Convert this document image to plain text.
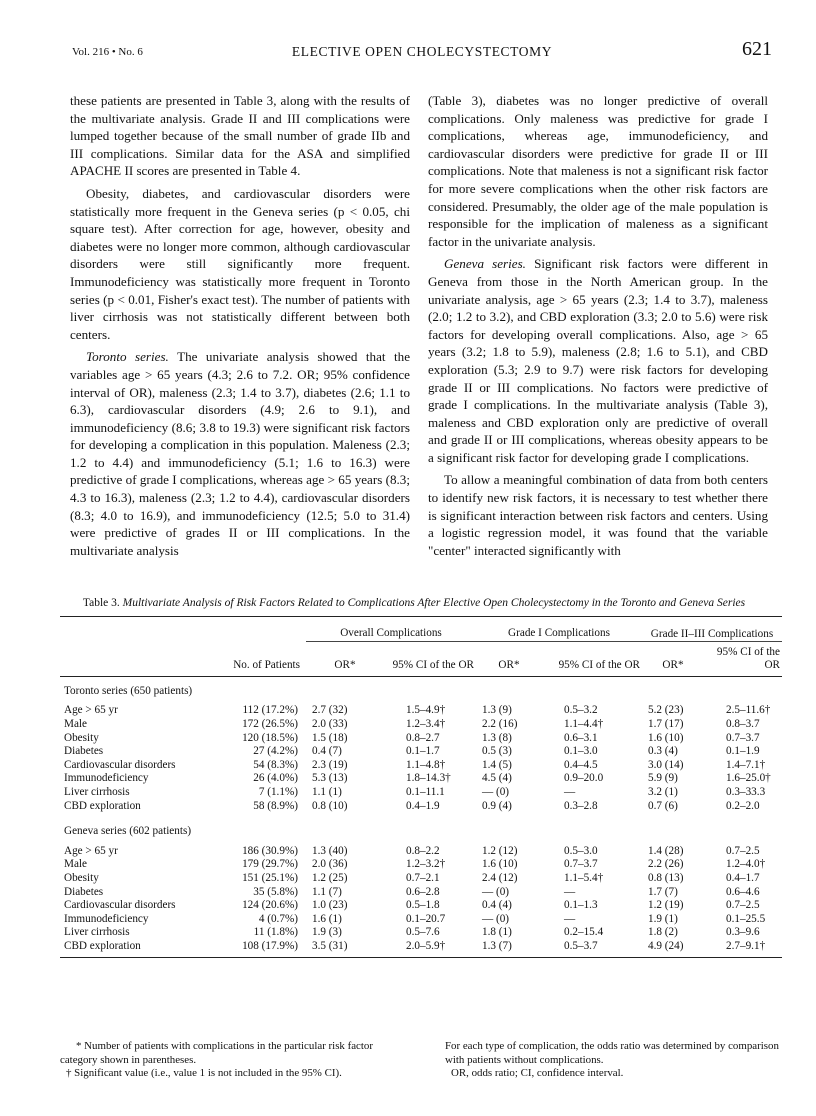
Vol. 216 • No. 6	ELECTIVE OPEN CHOLECYSTECTOMY	621

these patients are presented in Table 3, along with the results of the multivariate analysis. Grade II and III complications were lumped together because of the small number of grade IIb and III complications. Similar data for the ASA and simplified APACHE II scores are presented in Table 4.

Obesity, diabetes, and cardiovascular disorders were statistically more frequent in the Geneva series (p < 0.05, chi square test). After correction for age, however, obesity and diabetes were no longer more common, although cardiovascular disorders were still significantly more frequent. Immunodeficiency was statistically more frequent in Toronto series (p < 0.01, Fisher's exact test). The number of patients with liver cirrhosis was not statistically different between both centers.

Toronto series. The univariate analysis showed that the variables age > 65 years (4.3; 2.6 to 7.2. OR; 95% confidence interval of OR), maleness (2.3; 1.4 to 3.7), diabetes (2.6; 1.1 to 6.3), cardiovascular disorders (4.9; 2.6 to 9.1), and immunodeficiency (8.6; 3.8 to 19.3) were significant risk factors for developing a complication in this population. Maleness (2.3; 1.2 to 4.4) and immunodeficiency (5.1; 1.6 to 16.3) were predictive of grade I complications, whereas age > 65 years (8.3; 4.3 to 16.3), maleness (2.3; 1.2 to 4.4), cardiovascular disorders (8.3; 4.0 to 16.9), and immunodeficiency (12.5; 5.0 to 31.4) were predictive of grades II or III complications. In the multivariate analysis

(Table 3), diabetes was no longer predictive of overall complications. Only maleness was predictive for grade I complications, whereas age, immunodeficiency, and cardiovascular disorders were predictive for grade II or III complications. Note that maleness is not a significant risk factor for more severe complications when the other risk factors are considered. Presumably, the older age of the male population is responsible for the implication of maleness as a significant factor in the univariate analysis.

Geneva series. Significant risk factors were different in Geneva from those in the North American group. In the univariate analysis, age > 65 years (2.3; 1.4 to 3.7), maleness (2.0; 1.2 to 3.2), and CBD exploration (3.3; 2.0 to 5.6) were risk factors for developing overall complications. Also, age > 65 years (3.2; 1.8 to 5.9), maleness (2.8; 1.6 to 5.1), and CBD exploration (5.3; 2.9 to 9.7) were risk factors for developing grade II or III complications. No factors were predictive of grade I complications. In the multivariate analysis (Table 3), maleness and CBD exploration only are predictive of overall and grade II or III complications, whereas obesity appears to be a significant risk factor for developing grade I complications.

To allow a meaningful combination of data from both centers to identify new risk factors, it is necessary to test whether there is significant interaction between risk factors and centers. Using a logistic regression model, it was found that the variable "center" interacted significantly with

Table 3. Multivariate Analysis of Risk Factors Related to Complications After Elective Open Cholecystectomy in the Toronto and Geneva Series

		Overall Complications		Grade I Complications		Grade II–III Complications	
	No. of Patients	OR*	95% CI of the OR	OR*	95% CI of the OR	OR*	95% CI of the OR

Toronto series (650 patients)							
Age > 65 yr	112 (17.2%)	2.7 (32)	1.5–4.9†	1.3 (9)	0.5–3.2	5.2 (23)	2.5–11.6†
Male	172 (26.5%)	2.0 (33)	1.2–3.4†	2.2 (16)	1.1–4.4†	1.7 (17)	0.8–3.7
Obesity	120 (18.5%)	1.5 (18)	0.8–2.7	1.3 (8)	0.6–3.1	1.6 (10)	0.7–3.7
Diabetes	27 (4.2%)	0.4 (7)	0.1–1.7	0.5 (3)	0.1–3.0	0.3 (4)	0.1–1.9
Cardiovascular disorders	54 (8.3%)	2.3 (19)	1.1–4.8†	1.4 (5)	0.4–4.5	3.0 (14)	1.4–7.1†
Immunodeficiency	26 (4.0%)	5.3 (13)	1.8–14.3†	4.5 (4)	0.9–20.0	5.9 (9)	1.6–25.0†
Liver cirrhosis	7 (1.1%)	1.1 (1)	0.1–11.1	— (0)	—	3.2 (1)	0.3–33.3
CBD exploration	58 (8.9%)	0.8 (10)	0.4–1.9	0.9 (4)	0.3–2.8	0.7 (6)	0.2–2.0

Geneva series (602 patients)							
Age > 65 yr	186 (30.9%)	1.3 (40)	0.8–2.2	1.2 (12)	0.5–3.0	1.4 (28)	0.7–2.5
Male	179 (29.7%)	2.0 (36)	1.2–3.2†	1.6 (10)	0.7–3.7	2.2 (26)	1.2–4.0†
Obesity	151 (25.1%)	1.2 (25)	0.7–2.1	2.4 (12)	1.1–5.4†	0.8 (13)	0.4–1.7
Diabetes	35 (5.8%)	1.1 (7)	0.6–2.8	— (0)	—	1.7 (7)	0.6–4.6
Cardiovascular disorders	124 (20.6%)	1.0 (23)	0.5–1.8	0.4 (4)	0.1–1.3	1.2 (19)	0.7–2.5
Immunodeficiency	4 (0.7%)	1.6 (1)	0.1–20.7	— (0)	—	1.9 (1)	0.1–25.5
Liver cirrhosis	11 (1.8%)	1.9 (3)	0.5–7.6	1.8 (1)	0.2–15.4	1.8 (2)	0.3–9.6
CBD exploration	108 (17.9%)	3.5 (31)	2.0–5.9†	1.3 (7)	0.5–3.7	4.9 (24)	2.7–9.1†

* Number of patients with complications in the particular risk factor category shown in parentheses.

† Significant value (i.e., value 1 is not included in the 95% CI).

For each type of complication, the odds ratio was determined by comparison with patients without complications.

OR, odds ratio; CI, confidence interval.
